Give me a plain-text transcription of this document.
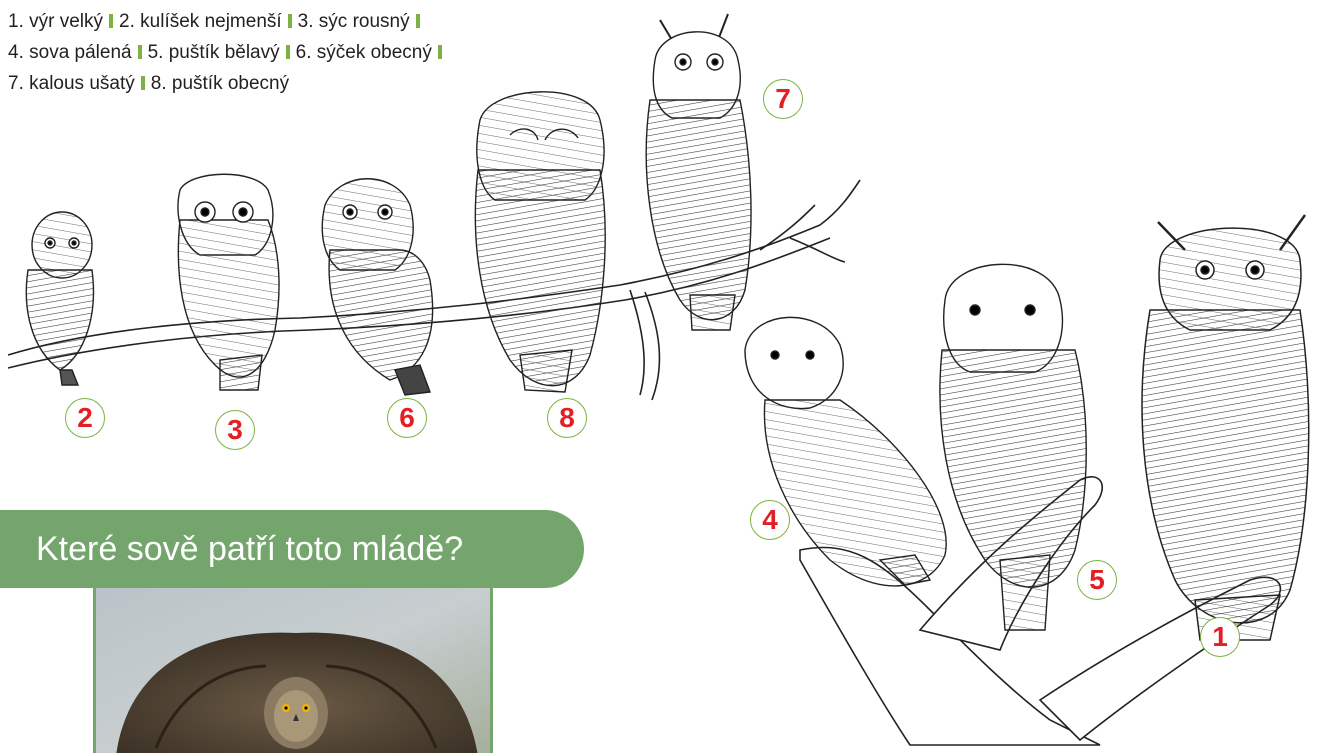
1. výr velký 2. kulíšek nejmenší 3. sýc rousný
4. sova pálená 5. puštík bělavý 6. sýček obecný
7. kalous ušatý 8. puštík obecný
2	3	6	8
7
4
5
1
Které sově patří toto mládě?
